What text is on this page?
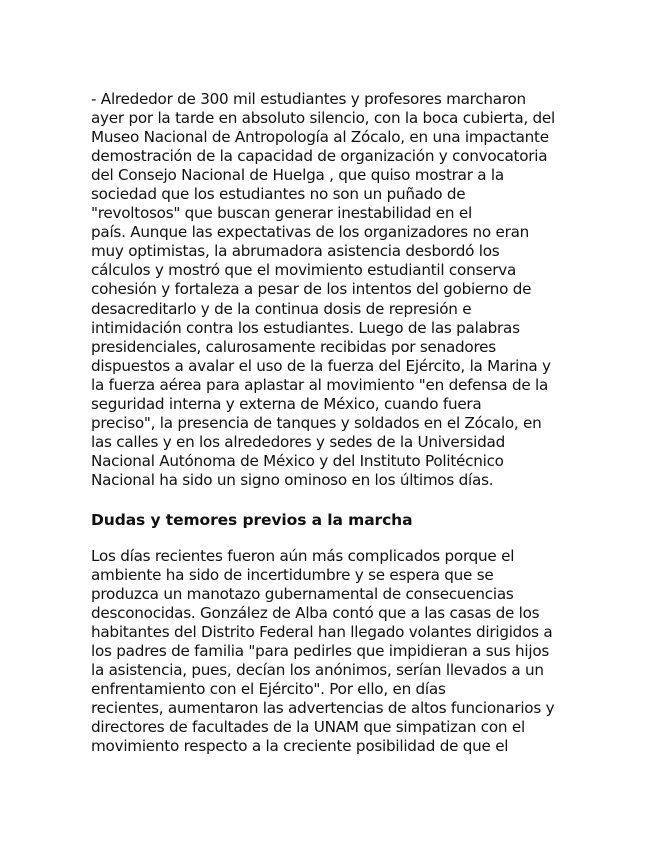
- Alrededor de 300 mil estudiantes y profesores marcharon
ayer por la tarde en absoluto silencio, con la boca cubierta, del
Museo Nacional de Antropología al Zócalo, en una impactante
demostración de la capacidad de organización y convocatoria
del Consejo Nacional de Huelga , que quiso mostrar a la
sociedad que los estudiantes no son un puñado de
"revoltosos" que buscan generar inestabilidad en el
país. Aunque las expectativas de los organizadores no eran
muy optimistas, la abrumadora asistencia desbordó los
cálculos y mostró que el movimiento estudiantil conserva
cohesión y fortaleza a pesar de los intentos del gobierno de
desacreditarlo y de la continua dosis de represión e
intimidación contra los estudiantes. Luego de las palabras
presidenciales, calurosamente recibidas por senadores
dispuestos a avalar el uso de la fuerza del Ejército, la Marina y
la fuerza aérea para aplastar al movimiento "en defensa de la
seguridad interna y externa de México, cuando fuera
preciso", la presencia de tanques y soldados en el Zócalo, en
las calles y en los alrededores y sedes de la Universidad
Nacional Autónoma de México y del Instituto Politécnico
Nacional ha sido un signo ominoso en los últimos días.
Dudas y temores previos a la marcha
Los días recientes fueron aún más complicados porque el
ambiente ha sido de incertidumbre y se espera que se
produzca un manotazo gubernamental de consecuencias
desconocidas. González de Alba contó que a las casas de los
habitantes del Distrito Federal han llegado volantes dirigidos a
los padres de familia "para pedirles que impidieran a sus hijos
la asistencia, pues, decían los anónimos, serían llevados a un
enfrentamiento con el Ejército". Por ello, en días
recientes, aumentaron las advertencias de altos funcionarios y
directores de facultades de la UNAM que simpatizan con el
movimiento respecto a la creciente posibilidad de que el
